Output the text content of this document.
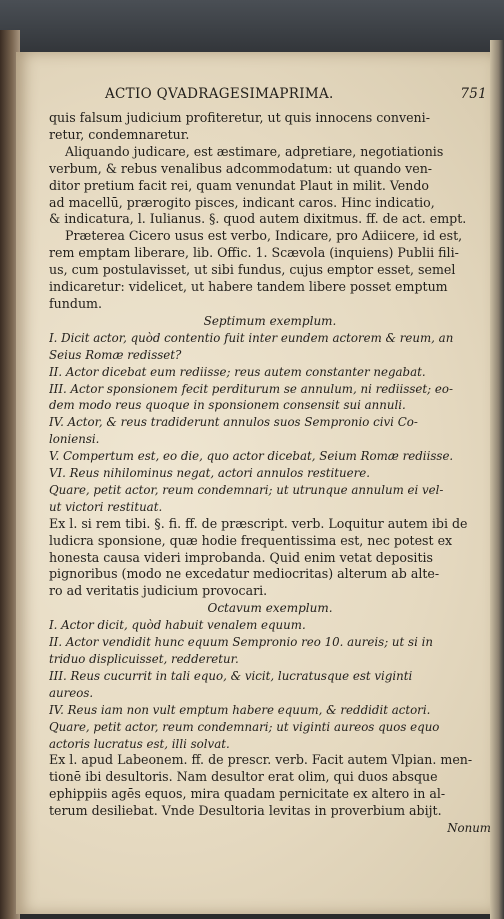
ACTIO QVADRAGESIMAPRIMA.	751
quis falsum judicium profiteretur, ut quis innocens conveni-
retur, condemnaretur.
Aliquando judicare, est æstimare, adpretiare, negotiationis
verbum, & rebus venalibus adcommodatum: ut quando ven-
ditor pretium facit rei, quam venundat Plaut in milit. Vendo
ad macellū, prærogito pisces, indicant caros. Hinc indicatio,
& indicatura, l. Iulianus. §. quod autem dixitmus. ff. de act. empt.
Præterea Cicero usus est verbo, Indicare, pro Adiicere, id est,
rem emptam liberare, lib. Offic. 1. Scævola (inquiens) Publii fili-
us, cum postulavisset, ut sibi fundus, cujus emptor esset, semel
indicaretur: videlicet, ut habere tandem libere posset emptum
fundum.
Septimum exemplum.
I. Dicit actor, quòd contentio fuit inter eundem actorem & reum, an
Seius Romæ redisset?
II. Actor dicebat eum rediisse; reus autem constanter negabat.
III. Actor sponsionem fecit perditurum se annulum, ni rediisset; eo-
dem modo reus quoque in sponsionem consensit sui annuli.
IV. Actor, & reus tradiderunt annulos suos Sempronio civi Co-
loniensi.
V. Compertum est, eo die, quo actor dicebat, Seium Romæ rediisse.
VI. Reus nihilominus negat, actori annulos restituere.
Quare, petit actor, reum condemnari; ut utrunque annulum ei vel-
ut victori restituat.
Ex l. si rem tibi. §. fi. ff. de præscript. verb. Loquitur autem ibi de
ludicra sponsione, quæ hodie frequentissima est, nec potest ex
honesta causa videri improbanda. Quid enim vetat depositis
pignoribus (modo ne excedatur mediocritas) alterum ab alte-
ro ad veritatis judicium provocari.
Octavum exemplum.
I. Actor dicit, quòd habuit venalem equum.
II. Actor vendidit hunc equum Sempronio reo 10. aureis; ut si in
triduo displicuisset, redderetur.
III. Reus cucurrit in tali equo, & vicit, lucratusque est viginti
aureos.
IV. Reus iam non vult emptum habere equum, & reddidit actori.
Quare, petit actor, reum condemnari; ut viginti aureos quos equo
actoris lucratus est, illi solvat.
Ex l. apud Labeonem. ff. de prescr. verb. Facit autem Vlpian. men-
tionē ibi desultoris. Nam desultor erat olim, qui duos absque
ephippiis agēs equos, mira quadam pernicitate ex altero in al-
terum desiliebat. Vnde Desultoria levitas in proverbium abijt.
Nonum
